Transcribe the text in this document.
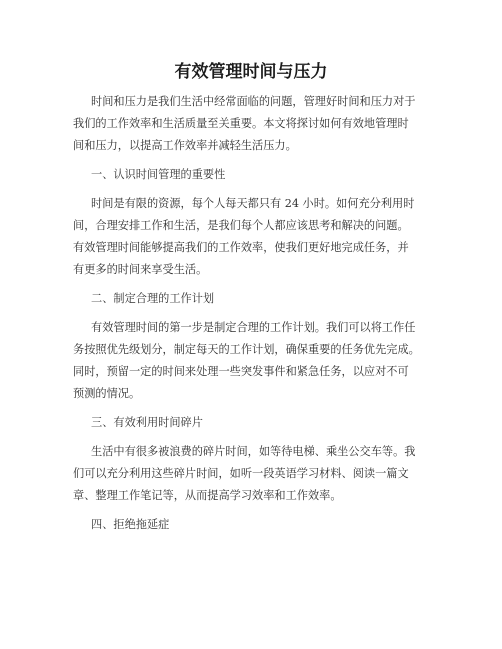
有效管理时间与压力
时间和压力是我们生活中经常面临的问题，管理好时间和压力对于
我们的工作效率和生活质量至关重要。本文将探讨如何有效地管理时
间和压力，以提高工作效率并减轻生活压力。
一、认识时间管理的重要性
时间是有限的资源，每个人每天都只有 24 小时。如何充分利用时
间，合理安排工作和生活，是我们每个人都应该思考和解决的问题。
有效管理时间能够提高我们的工作效率，使我们更好地完成任务，并
有更多的时间来享受生活。
二、制定合理的工作计划
有效管理时间的第一步是制定合理的工作计划。我们可以将工作任
务按照优先级划分，制定每天的工作计划，确保重要的任务优先完成。
同时，预留一定的时间来处理一些突发事件和紧急任务，以应对不可
预测的情况。
三、有效利用时间碎片
生活中有很多被浪费的碎片时间，如等待电梯、乘坐公交车等。我
们可以充分利用这些碎片时间，如听一段英语学习材料、阅读一篇文
章、整理工作笔记等，从而提高学习效率和工作效率。
四、拒绝拖延症
